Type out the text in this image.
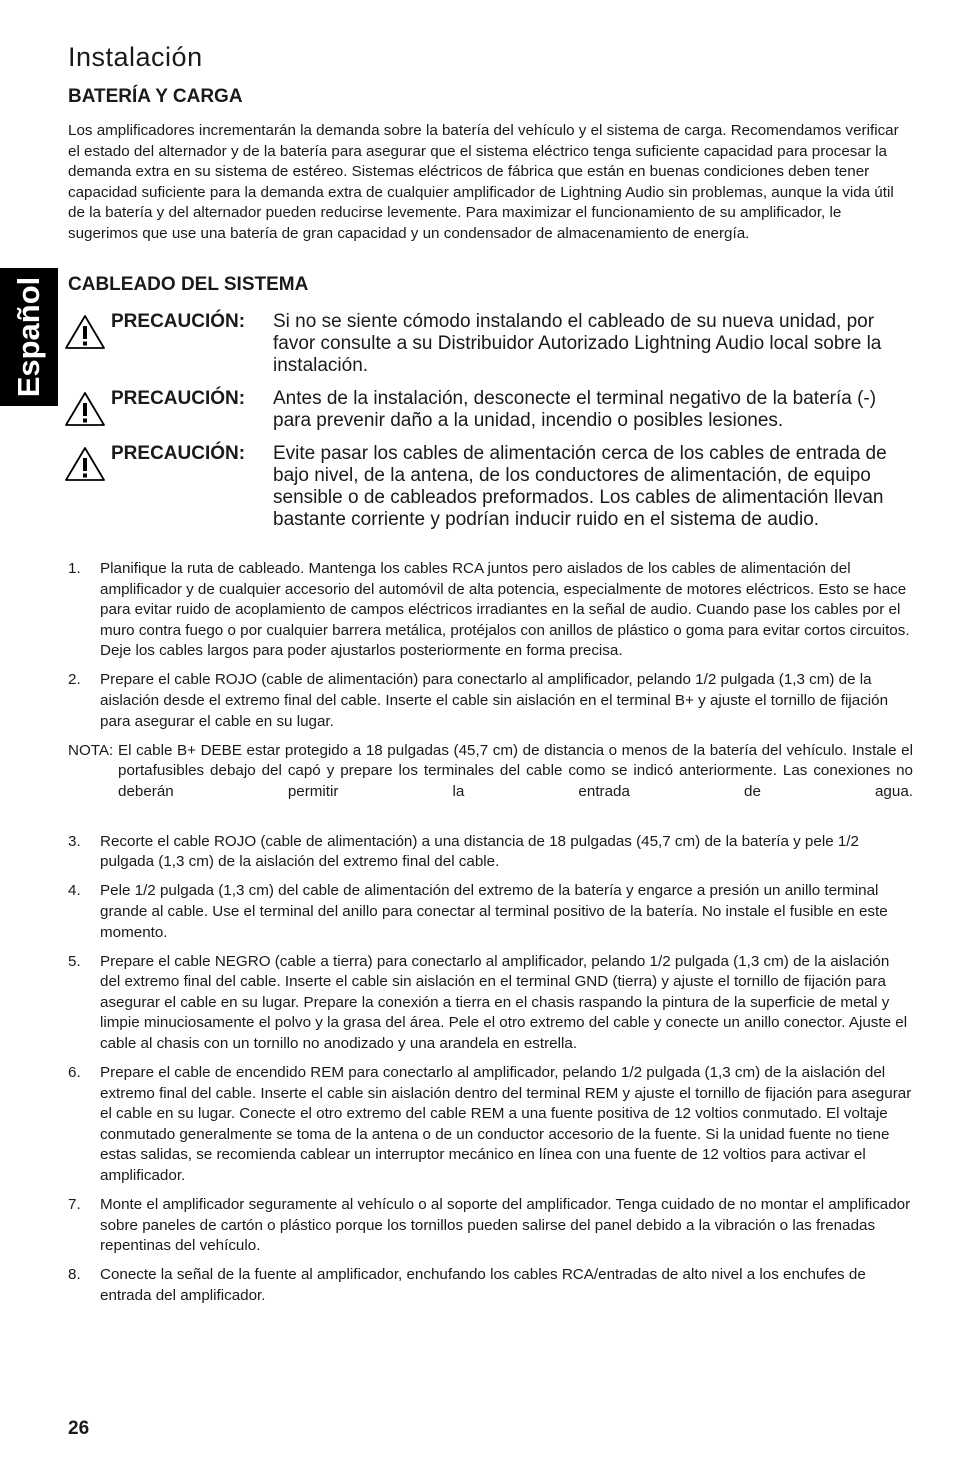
Español
Instalación
BATERÍA Y CARGA

Los amplificadores incrementarán la demanda sobre la batería del vehículo y el sistema de carga. Recomendamos verificar el estado del alternador y de la batería para asegurar que el sistema eléctrico tenga suficiente capacidad para procesar la demanda extra en su sistema de estéreo. Sistemas eléctricos de fábrica que están en buenas condiciones deben tener capacidad suficiente para la demanda extra de cualquier amplificador de Lightning Audio sin problemas, aunque la vida útil de la batería y del alternador pueden reducirse levemente. Para maximizar el funcionamiento de su amplificador, le sugerimos que use una batería de gran capacidad y un condensador de almacenamiento de energía.

CABLEADO DEL SISTEMA
PRECAUCIÓN: Si no se siente cómodo instalando el cableado de su nueva unidad, por favor consulte a su Distribuidor Autorizado Lightning Audio local sobre la instalación.
PRECAUCIÓN: Antes de la instalación, desconecte el terminal negativo de la batería (-) para prevenir daño a la unidad, incendio o posibles lesiones.
PRECAUCIÓN: Evite pasar los cables de alimentación cerca de los cables de entrada de bajo nivel, de la antena, de los conductores de alimentación, de equipo sensible o de cableados preformados. Los cables de alimentación llevan bastante corriente y podrían inducir ruido en el sistema de audio.
1. Planifique la ruta de cableado. Mantenga los cables RCA juntos pero aislados de los cables de alimentación del amplificador y de cualquier accesorio del automóvil de alta potencia, especialmente de motores eléctricos. Esto se hace para evitar ruido de acoplamiento de campos eléctricos irradiantes en la señal de audio. Cuando pase los cables por el muro contra fuego o por cualquier barrera metálica, protéjalos con anillos de plástico o goma para evitar cortos circuitos. Deje los cables largos para poder ajustarlos posteriormente en forma precisa.
2. Prepare el cable ROJO (cable de alimentación) para conectarlo al amplificador, pelando 1/2 pulgada (1,3 cm) de la aislación desde el extremo final del cable. Inserte el cable sin aislación en el terminal B+ y ajuste el tornillo de fijación para asegurar el cable en su lugar.
NOTA: El cable B+ DEBE estar protegido a 18 pulgadas (45,7 cm) de distancia o menos de la batería del vehículo. Instale el portafusibles debajo del capó y prepare los terminales del cable como se indicó anteriormente. Las conexiones no deberán permitir la entrada de agua.
3. Recorte el cable ROJO (cable de alimentación) a una distancia de 18 pulgadas (45,7 cm) de la batería y pele 1/2 pulgada (1,3 cm) de la aislación del extremo final del cable.
4. Pele 1/2 pulgada (1,3 cm) del cable de alimentación del extremo de la batería y engarce a presión un anillo terminal grande al cable. Use el terminal del anillo para conectar al terminal positivo de la batería. No instale el fusible en este momento.
5. Prepare el cable NEGRO (cable a tierra) para conectarlo al amplificador, pelando 1/2 pulgada (1,3 cm) de la aislación del extremo final del cable. Inserte el cable sin aislación en el terminal GND (tierra) y ajuste el tornillo de fijación para asegurar el cable en su lugar. Prepare la conexión a tierra en el chasis raspando la pintura de la superficie de metal y limpie minuciosamente el polvo y la grasa del área. Pele el otro extremo del cable y conecte un anillo conector. Ajuste el cable al chasis con un tornillo no anodizado y una arandela en estrella.
6. Prepare el cable de encendido REM para conectarlo al amplificador, pelando 1/2 pulgada (1,3 cm) de la aislación del extremo final del cable. Inserte el cable sin aislación dentro del terminal REM y ajuste el tornillo de fijación para asegurar el cable en su lugar. Conecte el otro extremo del cable REM a una fuente positiva de 12 voltios conmutado. El voltaje conmutado generalmente se toma de la antena o de un conductor accesorio de la fuente. Si la unidad fuente no tiene estas salidas, se recomienda cablear un interruptor mecánico en línea con una fuente de 12 voltios para activar el amplificador.
7. Monte el amplificador seguramente al vehículo o al soporte del amplificador. Tenga cuidado de no montar el amplificador sobre paneles de cartón o plástico porque los tornillos pueden salirse del panel debido a la vibración o las frenadas repentinas del vehículo.
8. Conecte la señal de la fuente al amplificador, enchufando los cables RCA/entradas de alto nivel a los enchufes de entrada del amplificador.

26
